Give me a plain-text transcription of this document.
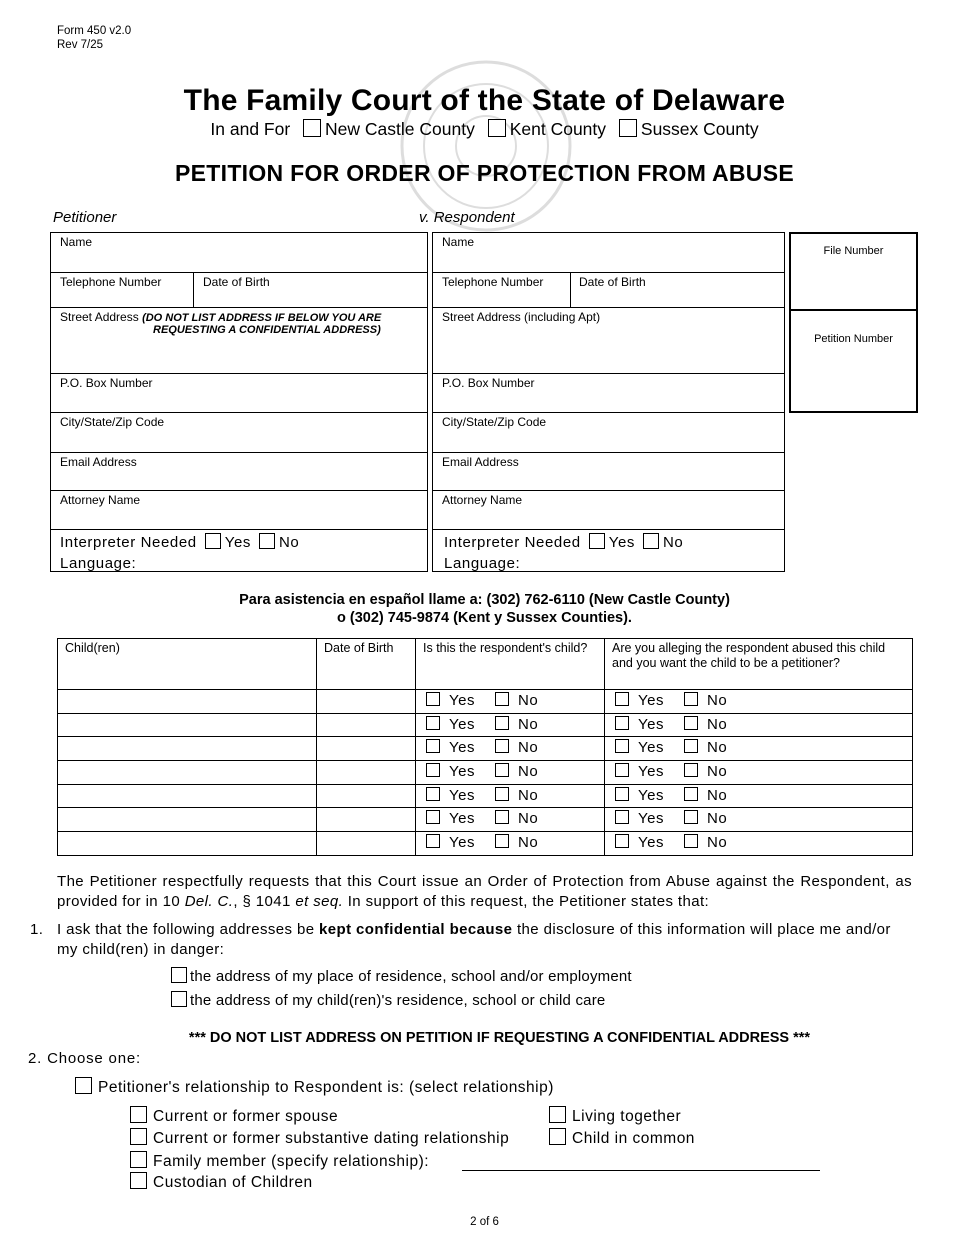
Form 450 v2.0
Rev 7/25
The Family Court of the State of Delaware
In and For New Castle County Kent County Sussex County
PETITION FOR ORDER OF PROTECTION FROM ABUSE
Petitioner	v. Respondent
Name
Telephone Number	Date of Birth
Street Address (DO NOT LIST ADDRESS IF BELOW YOU ARE
REQUESTING A CONFIDENTIAL ADDRESS)
P.O. Box Number
City/State/Zip Code
Email Address
Attorney Name
Interpreter Needed Yes No
Language:
Name
Telephone Number	Date of Birth
Street Address (including Apt)
P.O. Box Number
City/State/Zip Code
Email Address
Attorney Name
Interpreter Needed Yes No
Language:
File Number
Petition Number
Para asistencia en español llame a: (302) 762-6110 (New Castle County)
o (302) 745-9874 (Kent y Sussex Counties).
Child(ren)	Date of Birth	Is this the respondent's child?	Are you alleging the respondent abused this child and you want the child to be a petitioner?
		Yes No	Yes No
		Yes No	Yes No
		Yes No	Yes No
		Yes No	Yes No
		Yes No	Yes No
		Yes No	Yes No
		Yes No	Yes No
The Petitioner respectfully requests that this Court issue an Order of Protection from Abuse against the Respondent, as provided for in 10 Del. C., § 1041 et seq. In support of this request, the Petitioner states that:
1. I ask that the following addresses be kept confidential because the disclosure of this information will place me and/or my child(ren) in danger:
the address of my place of residence, school and/or employment
the address of my child(ren)'s residence, school or child care
*** DO NOT LIST ADDRESS ON PETITION IF REQUESTING A CONFIDENTIAL ADDRESS ***
2. Choose one:
Petitioner's relationship to Respondent is: (select relationship)
Current or former spouse
Current or former substantive dating relationship
Family member (specify relationship):
Custodian of Children
Living together
Child in common
2 of 6
